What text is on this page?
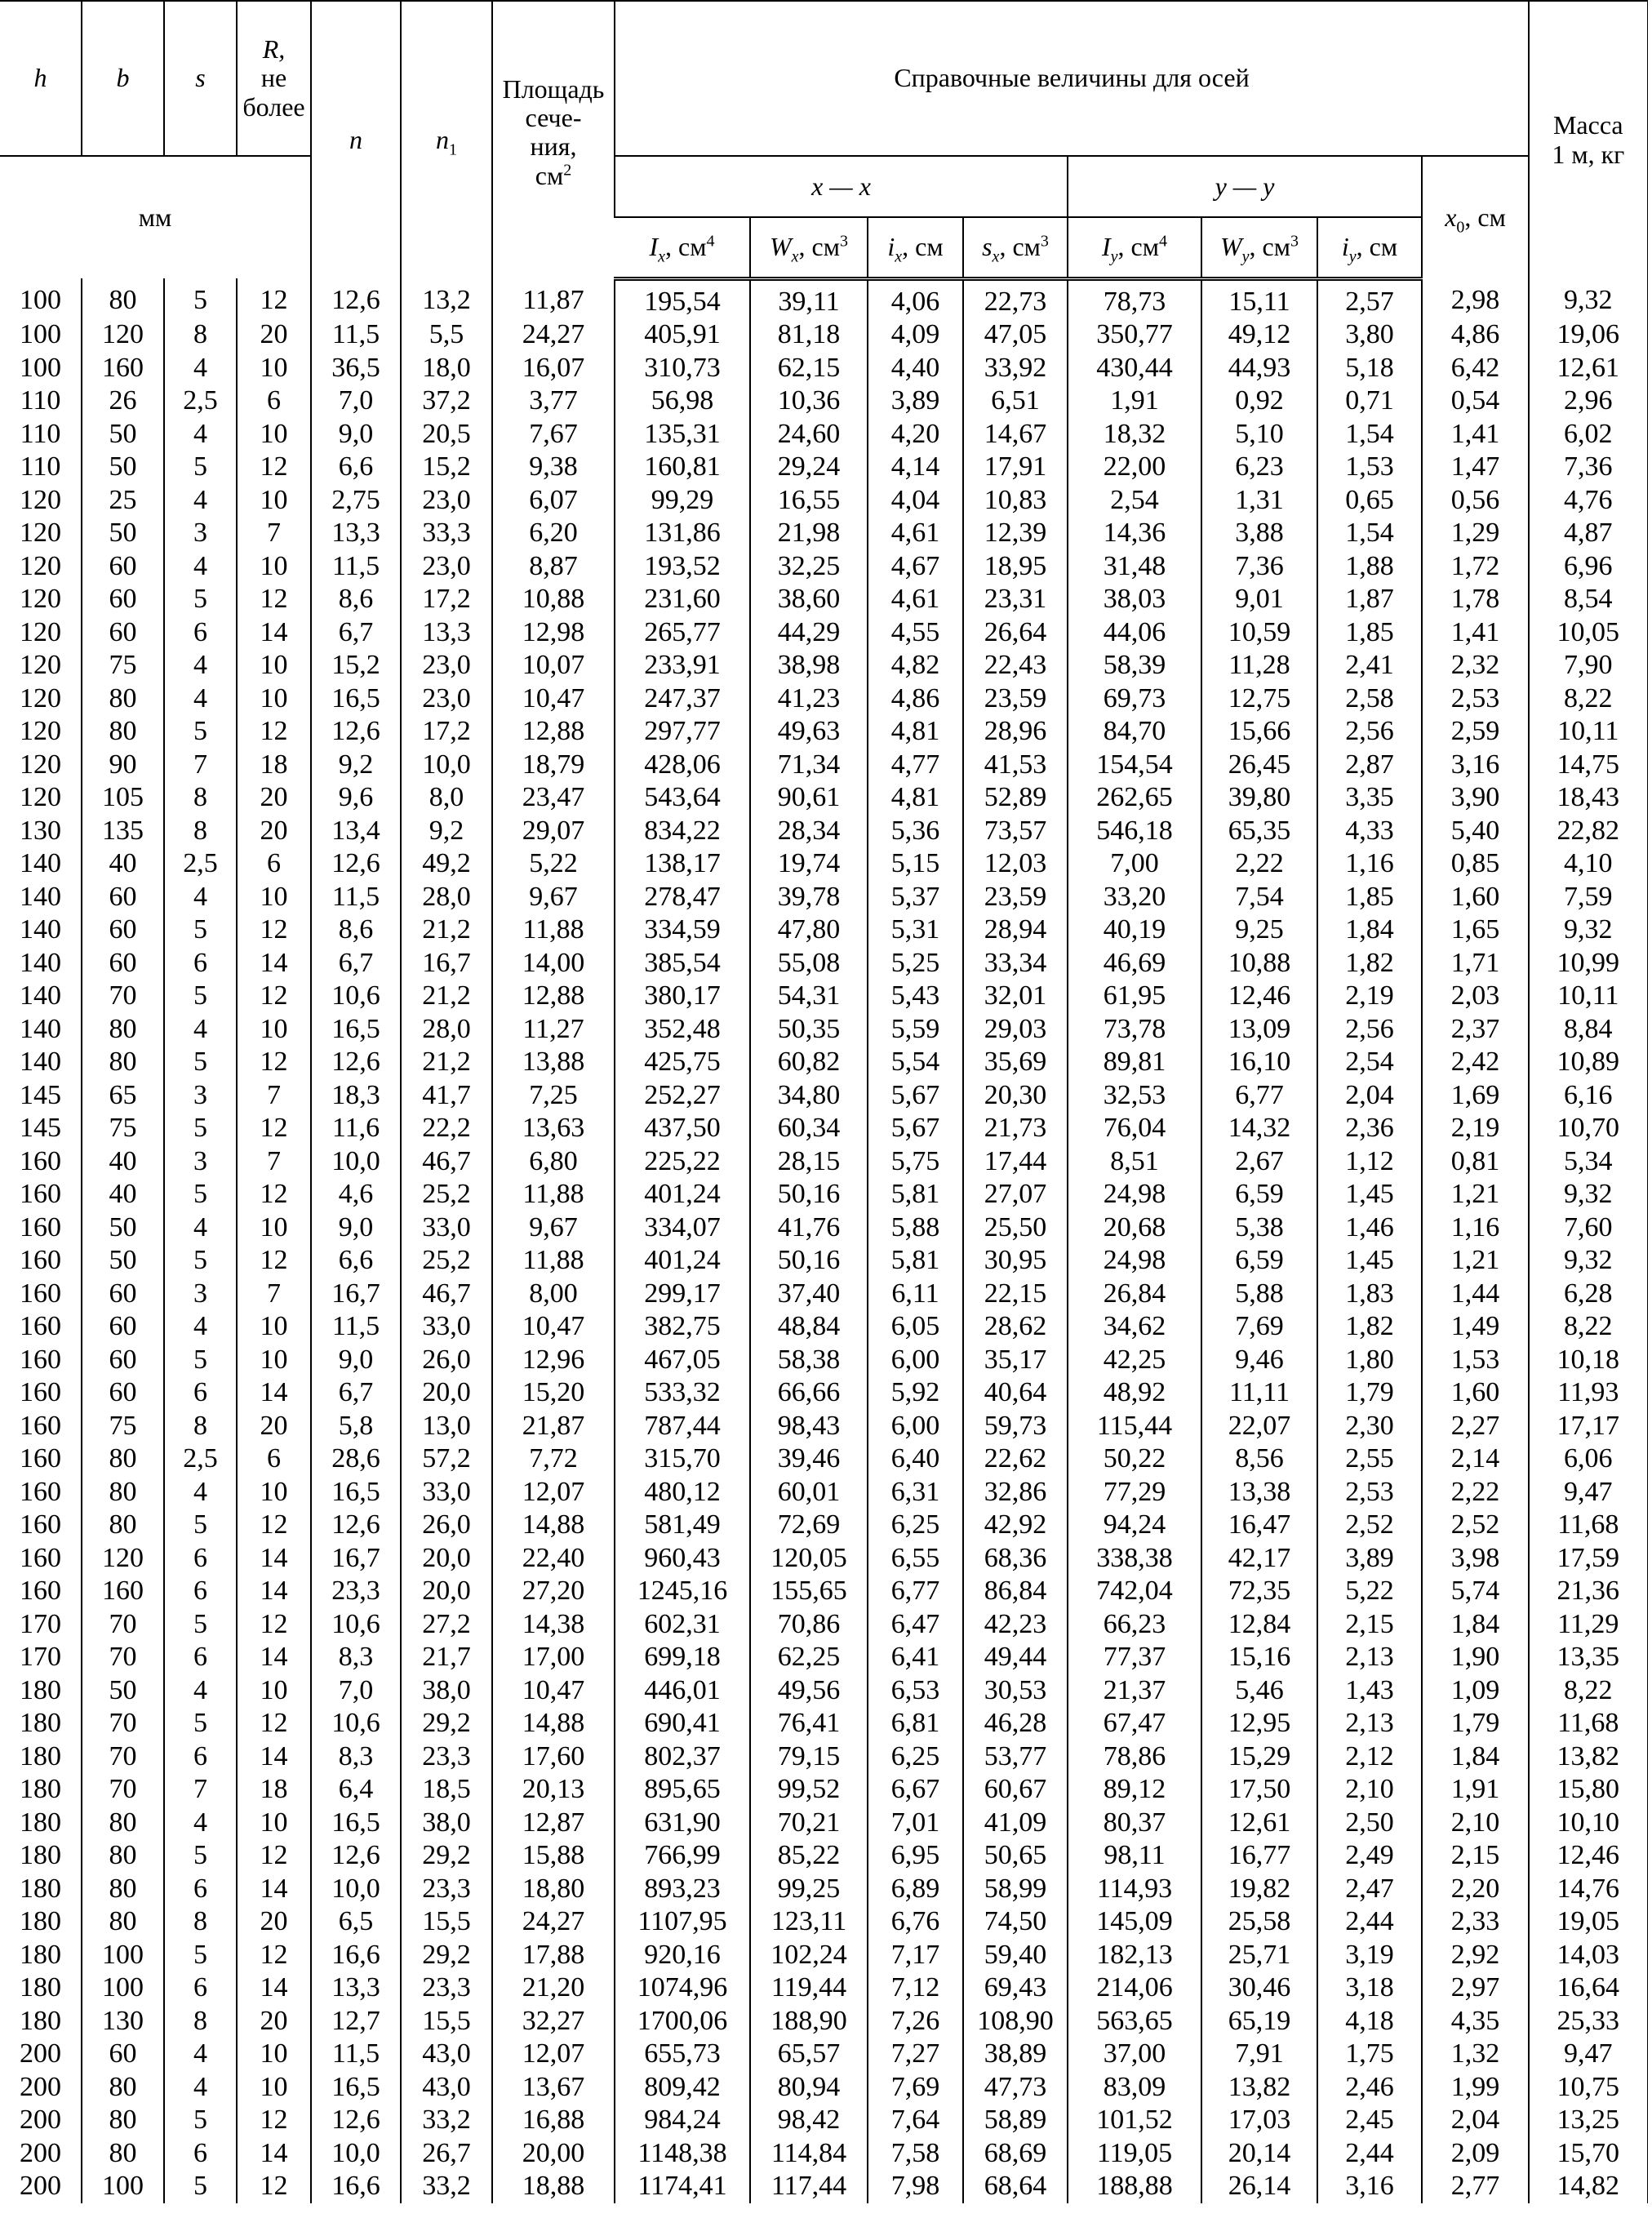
h	b	s	R,
не
более	n	$n_1$	Площадь
сече-
ния,
$см^2$	Справочные величины для осей								Масса
1 м, кг
мм							x — x				y — y			$x_0$, см	
							$I_x$, $см^4$	$W_x$, $см^3$	$i_x$, см	$s_x$, $см^3$	$I_y$, $см^4$	$W_y$, $см^3$	$i_y$, см		
100	80	5	12	12,6	13,2	11,87	195,54	39,11	4,06	22,73	78,73	15,11	2,57	2,98	9,32
100	120	8	20	11,5	5,5	24,27	405,91	81,18	4,09	47,05	350,77	49,12	3,80	4,86	19,06
100	160	4	10	36,5	18,0	16,07	310,73	62,15	4,40	33,92	430,44	44,93	5,18	6,42	12,61
110	26	2,5	6	7,0	37,2	3,77	56,98	10,36	3,89	6,51	1,91	0,92	0,71	0,54	2,96
110	50	4	10	9,0	20,5	7,67	135,31	24,60	4,20	14,67	18,32	5,10	1,54	1,41	6,02
110	50	5	12	6,6	15,2	9,38	160,81	29,24	4,14	17,91	22,00	6,23	1,53	1,47	7,36
120	25	4	10	2,75	23,0	6,07	99,29	16,55	4,04	10,83	2,54	1,31	0,65	0,56	4,76
120	50	3	7	13,3	33,3	6,20	131,86	21,98	4,61	12,39	14,36	3,88	1,54	1,29	4,87
120	60	4	10	11,5	23,0	8,87	193,52	32,25	4,67	18,95	31,48	7,36	1,88	1,72	6,96
120	60	5	12	8,6	17,2	10,88	231,60	38,60	4,61	23,31	38,03	9,01	1,87	1,78	8,54
120	60	6	14	6,7	13,3	12,98	265,77	44,29	4,55	26,64	44,06	10,59	1,85	1,41	10,05
120	75	4	10	15,2	23,0	10,07	233,91	38,98	4,82	22,43	58,39	11,28	2,41	2,32	7,90
120	80	4	10	16,5	23,0	10,47	247,37	41,23	4,86	23,59	69,73	12,75	2,58	2,53	8,22
120	80	5	12	12,6	17,2	12,88	297,77	49,63	4,81	28,96	84,70	15,66	2,56	2,59	10,11
120	90	7	18	9,2	10,0	18,79	428,06	71,34	4,77	41,53	154,54	26,45	2,87	3,16	14,75
120	105	8	20	9,6	8,0	23,47	543,64	90,61	4,81	52,89	262,65	39,80	3,35	3,90	18,43
130	135	8	20	13,4	9,2	29,07	834,22	28,34	5,36	73,57	546,18	65,35	4,33	5,40	22,82
140	40	2,5	6	12,6	49,2	5,22	138,17	19,74	5,15	12,03	7,00	2,22	1,16	0,85	4,10
140	60	4	10	11,5	28,0	9,67	278,47	39,78	5,37	23,59	33,20	7,54	1,85	1,60	7,59
140	60	5	12	8,6	21,2	11,88	334,59	47,80	5,31	28,94	40,19	9,25	1,84	1,65	9,32
140	60	6	14	6,7	16,7	14,00	385,54	55,08	5,25	33,34	46,69	10,88	1,82	1,71	10,99
140	70	5	12	10,6	21,2	12,88	380,17	54,31	5,43	32,01	61,95	12,46	2,19	2,03	10,11
140	80	4	10	16,5	28,0	11,27	352,48	50,35	5,59	29,03	73,78	13,09	2,56	2,37	8,84
140	80	5	12	12,6	21,2	13,88	425,75	60,82	5,54	35,69	89,81	16,10	2,54	2,42	10,89
145	65	3	7	18,3	41,7	7,25	252,27	34,80	5,67	20,30	32,53	6,77	2,04	1,69	6,16
145	75	5	12	11,6	22,2	13,63	437,50	60,34	5,67	21,73	76,04	14,32	2,36	2,19	10,70
160	40	3	7	10,0	46,7	6,80	225,22	28,15	5,75	17,44	8,51	2,67	1,12	0,81	5,34
160	40	5	12	4,6	25,2	11,88	401,24	50,16	5,81	27,07	24,98	6,59	1,45	1,21	9,32
160	50	4	10	9,0	33,0	9,67	334,07	41,76	5,88	25,50	20,68	5,38	1,46	1,16	7,60
160	50	5	12	6,6	25,2	11,88	401,24	50,16	5,81	30,95	24,98	6,59	1,45	1,21	9,32
160	60	3	7	16,7	46,7	8,00	299,17	37,40	6,11	22,15	26,84	5,88	1,83	1,44	6,28
160	60	4	10	11,5	33,0	10,47	382,75	48,84	6,05	28,62	34,62	7,69	1,82	1,49	8,22
160	60	5	10	9,0	26,0	12,96	467,05	58,38	6,00	35,17	42,25	9,46	1,80	1,53	10,18
160	60	6	14	6,7	20,0	15,20	533,32	66,66	5,92	40,64	48,92	11,11	1,79	1,60	11,93
160	75	8	20	5,8	13,0	21,87	787,44	98,43	6,00	59,73	115,44	22,07	2,30	2,27	17,17
160	80	2,5	6	28,6	57,2	7,72	315,70	39,46	6,40	22,62	50,22	8,56	2,55	2,14	6,06
160	80	4	10	16,5	33,0	12,07	480,12	60,01	6,31	32,86	77,29	13,38	2,53	2,22	9,47
160	80	5	12	12,6	26,0	14,88	581,49	72,69	6,25	42,92	94,24	16,47	2,52	2,52	11,68
160	120	6	14	16,7	20,0	22,40	960,43	120,05	6,55	68,36	338,38	42,17	3,89	3,98	17,59
160	160	6	14	23,3	20,0	27,20	1245,16	155,65	6,77	86,84	742,04	72,35	5,22	5,74	21,36
170	70	5	12	10,6	27,2	14,38	602,31	70,86	6,47	42,23	66,23	12,84	2,15	1,84	11,29
170	70	6	14	8,3	21,7	17,00	699,18	62,25	6,41	49,44	77,37	15,16	2,13	1,90	13,35
180	50	4	10	7,0	38,0	10,47	446,01	49,56	6,53	30,53	21,37	5,46	1,43	1,09	8,22
180	70	5	12	10,6	29,2	14,88	690,41	76,41	6,81	46,28	67,47	12,95	2,13	1,79	11,68
180	70	6	14	8,3	23,3	17,60	802,37	79,15	6,25	53,77	78,86	15,29	2,12	1,84	13,82
180	70	7	18	6,4	18,5	20,13	895,65	99,52	6,67	60,67	89,12	17,50	2,10	1,91	15,80
180	80	4	10	16,5	38,0	12,87	631,90	70,21	7,01	41,09	80,37	12,61	2,50	2,10	10,10
180	80	5	12	12,6	29,2	15,88	766,99	85,22	6,95	50,65	98,11	16,77	2,49	2,15	12,46
180	80	6	14	10,0	23,3	18,80	893,23	99,25	6,89	58,99	114,93	19,82	2,47	2,20	14,76
180	80	8	20	6,5	15,5	24,27	1107,95	123,11	6,76	74,50	145,09	25,58	2,44	2,33	19,05
180	100	5	12	16,6	29,2	17,88	920,16	102,24	7,17	59,40	182,13	25,71	3,19	2,92	14,03
180	100	6	14	13,3	23,3	21,20	1074,96	119,44	7,12	69,43	214,06	30,46	3,18	2,97	16,64
180	130	8	20	12,7	15,5	32,27	1700,06	188,90	7,26	108,90	563,65	65,19	4,18	4,35	25,33
200	60	4	10	11,5	43,0	12,07	655,73	65,57	7,27	38,89	37,00	7,91	1,75	1,32	9,47
200	80	4	10	16,5	43,0	13,67	809,42	80,94	7,69	47,73	83,09	13,82	2,46	1,99	10,75
200	80	5	12	12,6	33,2	16,88	984,24	98,42	7,64	58,89	101,52	17,03	2,45	2,04	13,25
200	80	6	14	10,0	26,7	20,00	1148,38	114,84	7,58	68,69	119,05	20,14	2,44	2,09	15,70
200	100	5	12	16,6	33,2	18,88	1174,41	117,44	7,98	68,64	188,88	26,14	3,16	2,77	14,82
